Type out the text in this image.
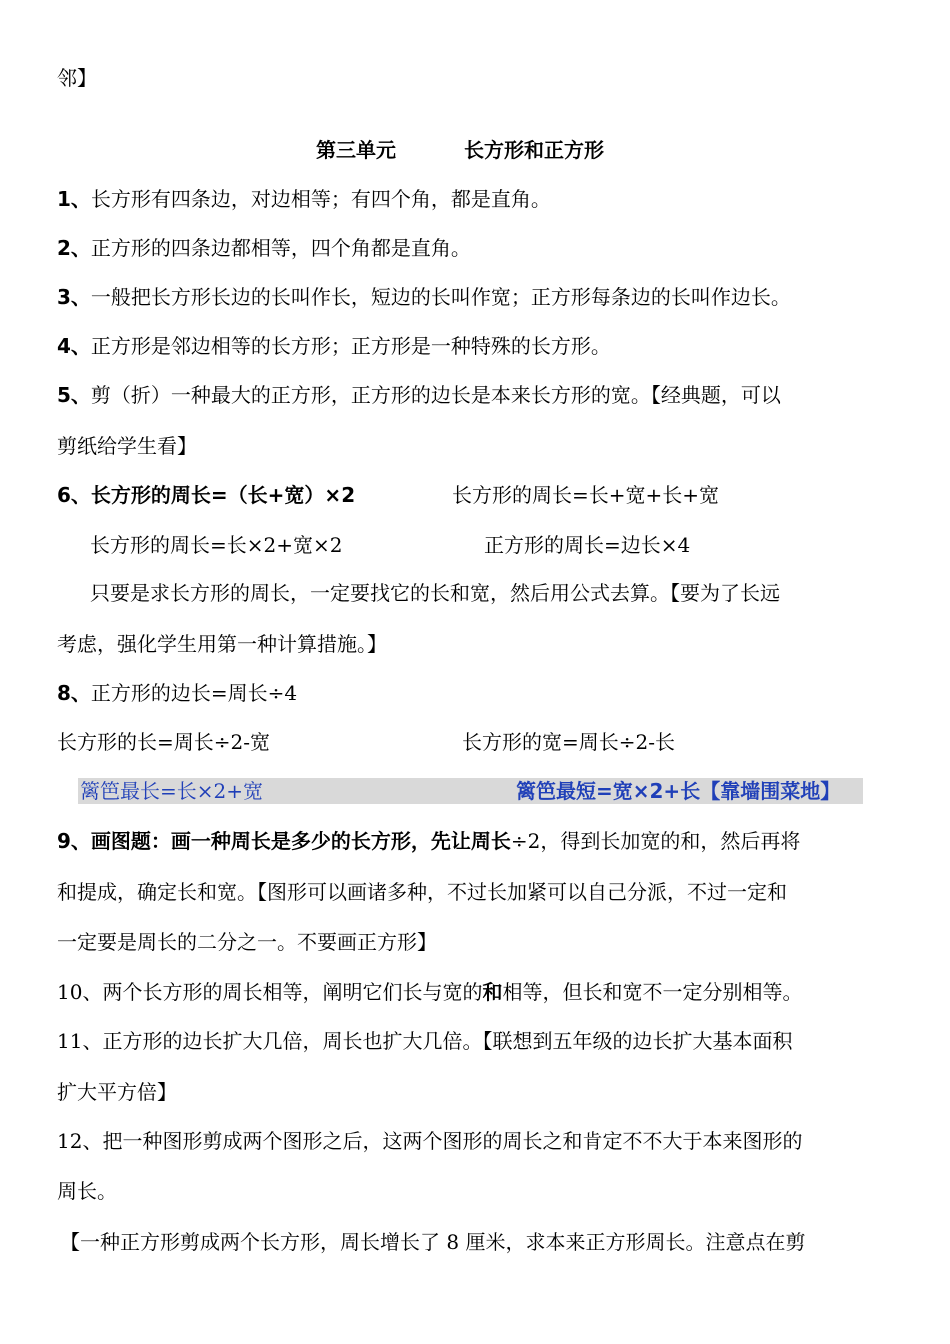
邻】
第三单元	长方形和正方形
1、长方形有四条边，对边相等；有四个角，都是直角。
2、正方形的四条边都相等，四个角都是直角。
3、一般把长方形长边的长叫作长，短边的长叫作宽；正方形每条边的长叫作边长。
4、正方形是邻边相等的长方形；正方形是一种特殊的长方形。
5、剪（折）一种最大的正方形，正方形的边长是本来长方形的宽。【经典题，可以
剪纸给学生看】
6、长方形的周长=（长+宽）×2	长方形的周长=长+宽+长+宽
长方形的周长=长×2+宽×2	正方形的周长=边长×4
只要是求长方形的周长，一定要找它的长和宽，然后用公式去算。【要为了长远
考虑，强化学生用第一种计算措施。】
8、正方形的边长=周长÷4
长方形的长=周长÷2-宽	长方形的宽=周长÷2-长
篱笆最长=长×2+宽	篱笆最短=宽×2+长【靠墙围菜地】
9、画图题：画一种周长是多少的长方形，先让周长÷2，得到长加宽的和，然后再将
和提成，确定长和宽。【图形可以画诸多种，不过长加紧可以自己分派，不过一定和
一定要是周长的二分之一。不要画正方形】
10、两个长方形的周长相等，阐明它们长与宽的和相等，但长和宽不一定分别相等。
11、正方形的边长扩大几倍，周长也扩大几倍。【联想到五年级的边长扩大基本面积
扩大平方倍】
12、把一种图形剪成两个图形之后，这两个图形的周长之和肯定不不大于本来图形的
周长。
【一种正方形剪成两个长方形，周长增长了 8 厘米，求本来正方形周长。注意点在剪
